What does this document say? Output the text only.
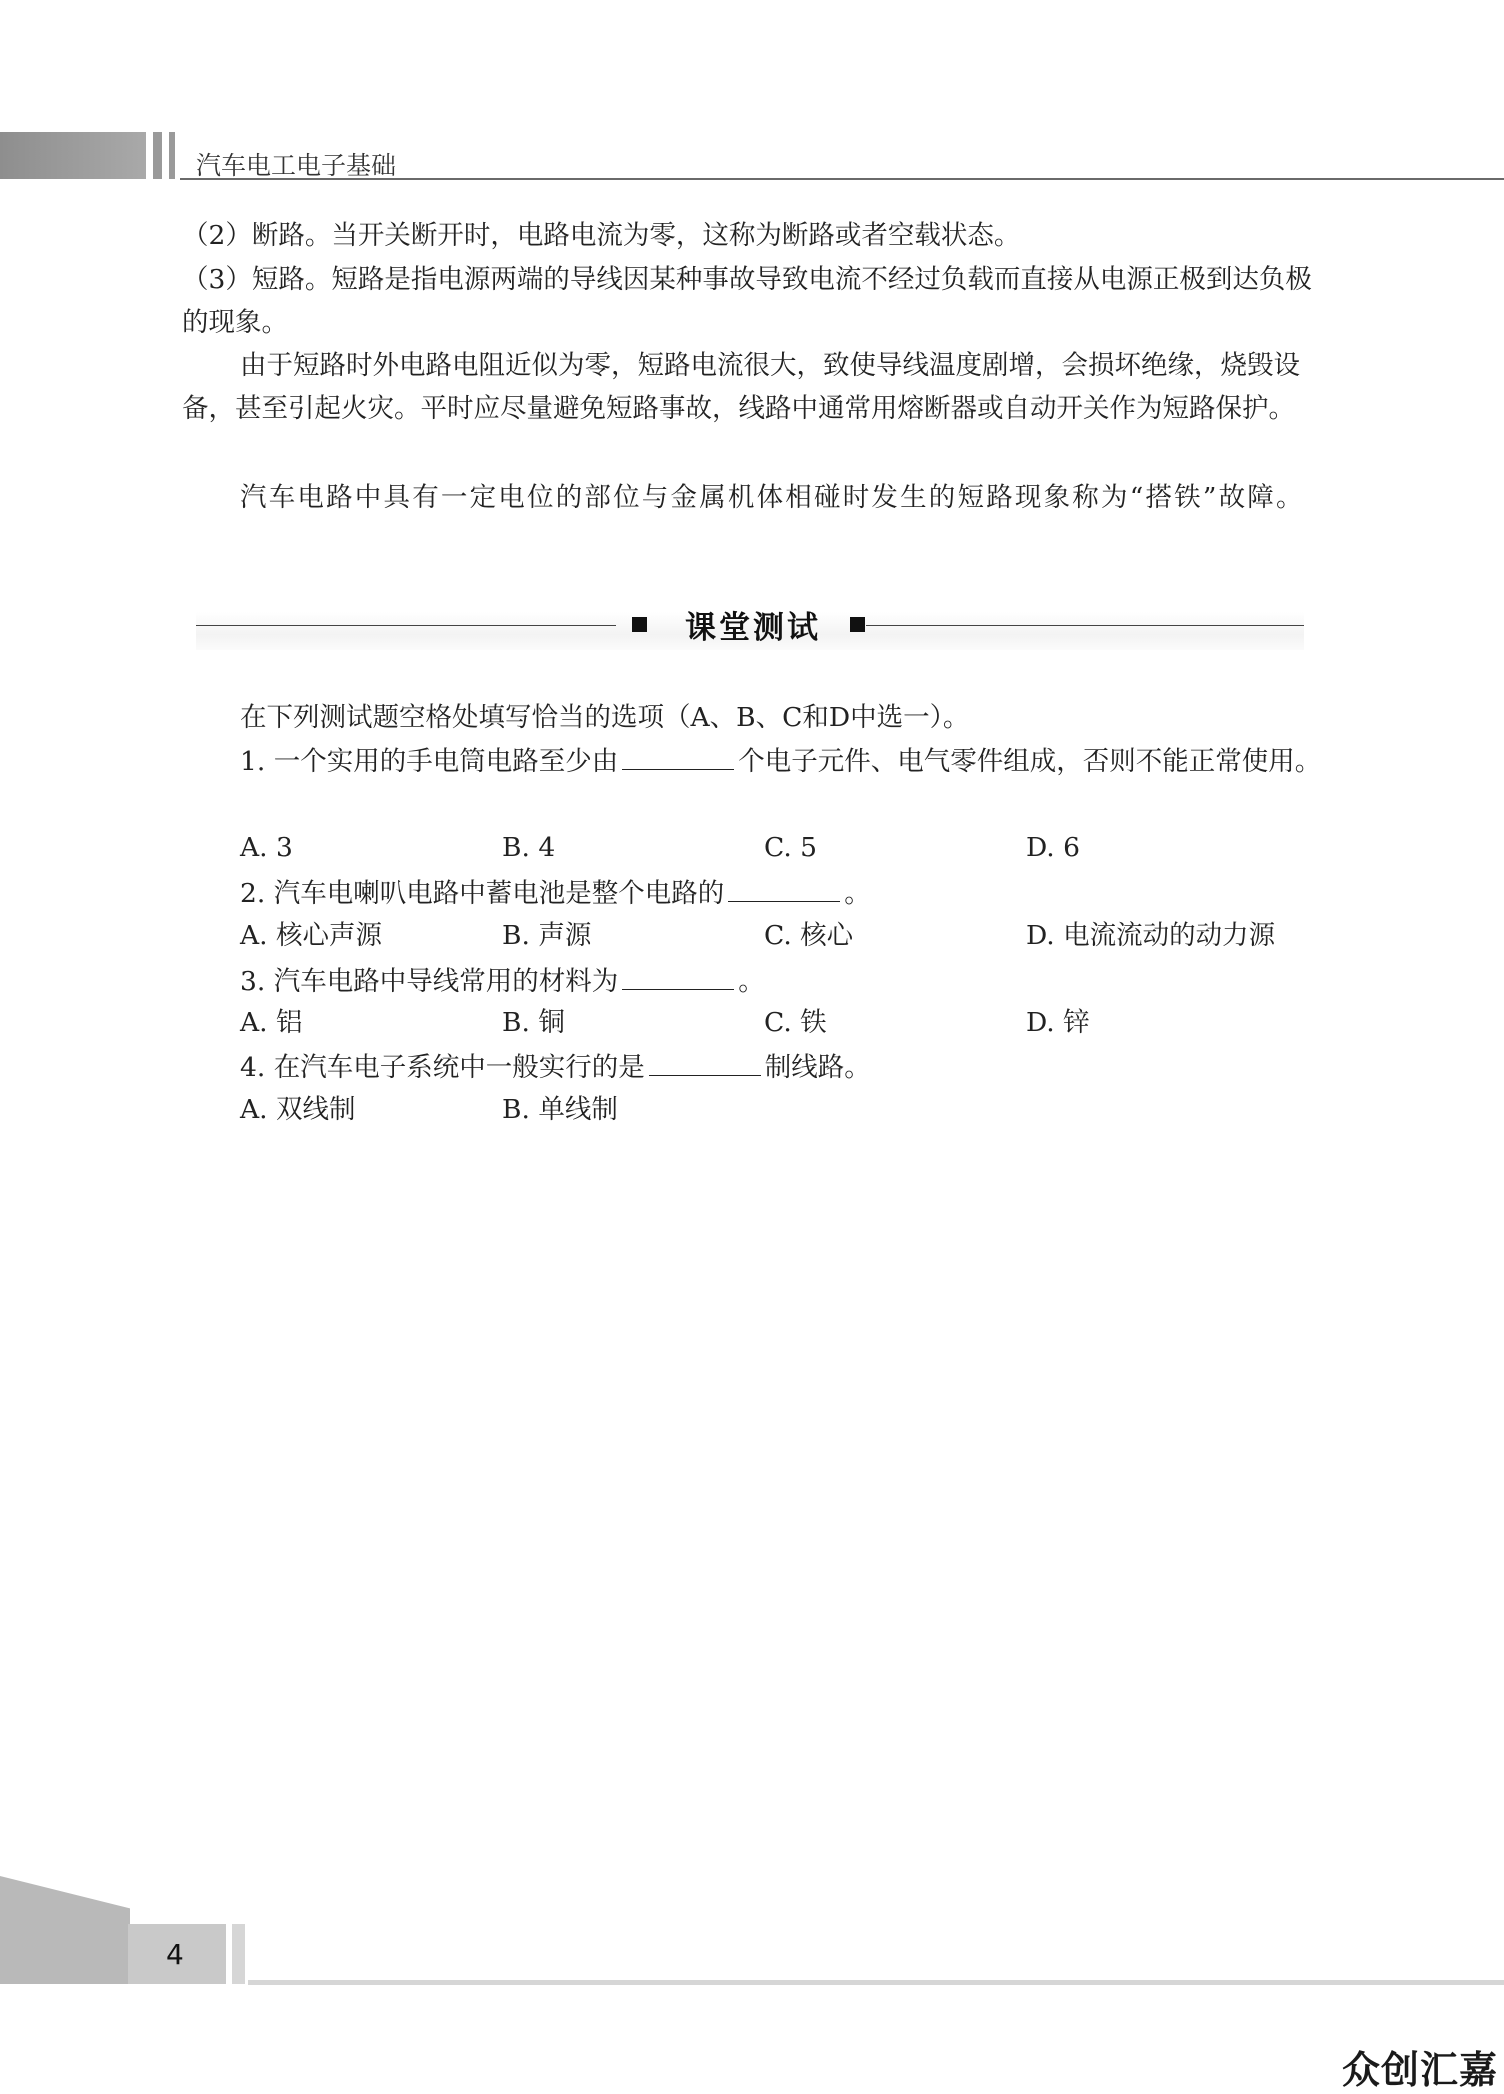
汽车电工电子基础

（2）断路。当开关断开时，电路电流为零，这称为断路或者空载状态。

（3）短路。短路是指电源两端的导线因某种事故导致电流不经过负载而直接从电源正极到达负极的现象。

由于短路时外电路电阻近似为零，短路电流很大，致使导线温度剧增，会损坏绝缘，烧毁设备，甚至引起火灾。平时应尽量避免短路事故，线路中通常用熔断器或自动开关作为短路保护。

汽车电路中具有一定电位的部位与金属机体相碰时发生的短路现象称为“搭铁”故障。

课堂测试

在下列测试题空格处填写恰当的选项（A、B、C和D中选一）。

1. 一个实用的手电筒电路至少由	个电子元件、电气零件组成，否则不能正常使用。

A. 3	B. 4	C. 5	D. 6

2. 汽车电喇叭电路中蓄电池是整个电路的	。

A. 核心声源	B. 声源	C. 核心	D. 电流流动的动力源

3. 汽车电路中导线常用的材料为	。

A. 铝	B. 铜	C. 铁	D. 锌

4. 在汽车电子系统中一般实行的是	制线路。

A. 双线制	B. 单线制
4
众创汇嘉
